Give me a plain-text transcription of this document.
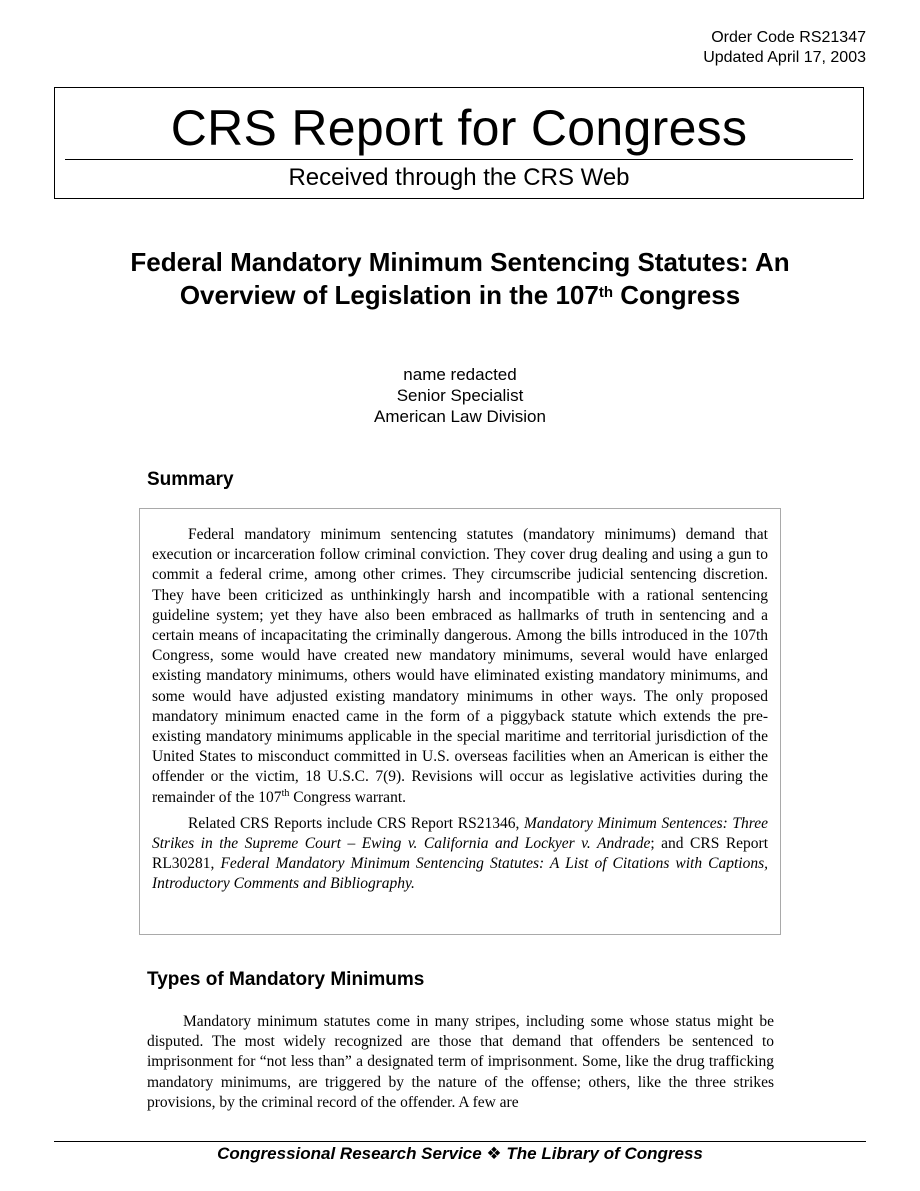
Order Code RS21347
Updated April 17, 2003
CRS Report for Congress
Received through the CRS Web
Federal Mandatory Minimum Sentencing Statutes: An Overview of Legislation in the 107th Congress
name redacted
Senior Specialist
American Law Division
Summary

Federal mandatory minimum sentencing statutes (mandatory minimums) demand that execution or incarceration follow criminal conviction. They cover drug dealing and using a gun to commit a federal crime, among other crimes. They circumscribe judicial sentencing discretion. They have been criticized as unthinkingly harsh and incompatible with a rational sentencing guideline system; yet they have also been embraced as hallmarks of truth in sentencing and a certain means of incapacitating the criminally dangerous. Among the bills introduced in the 107th Congress, some would have created new mandatory minimums, several would have enlarged existing mandatory minimums, others would have eliminated existing mandatory minimums, and some would have adjusted existing mandatory minimums in other ways. The only proposed mandatory minimum enacted came in the form of a piggyback statute which extends the pre-existing mandatory minimums applicable in the special maritime and territorial jurisdiction of the United States to misconduct committed in U.S. overseas facilities when an American is either the offender or the victim, 18 U.S.C. 7(9). Revisions will occur as legislative activities during the remainder of the 107th Congress warrant.

Related CRS Reports include CRS Report RS21346, Mandatory Minimum Sentences: Three Strikes in the Supreme Court – Ewing v. California and Lockyer v. Andrade; and CRS Report RL30281, Federal Mandatory Minimum Sentencing Statutes: A List of Citations with Captions, Introductory Comments and Bibliography.

Types of Mandatory Minimums

Mandatory minimum statutes come in many stripes, including some whose status might be disputed. The most widely recognized are those that demand that offenders be sentenced to imprisonment for “not less than” a designated term of imprisonment. Some, like the drug trafficking mandatory minimums, are triggered by the nature of the offense; others, like the three strikes provisions, by the criminal record of the offender. A few are

Congressional Research Service ❖ The Library of Congress
